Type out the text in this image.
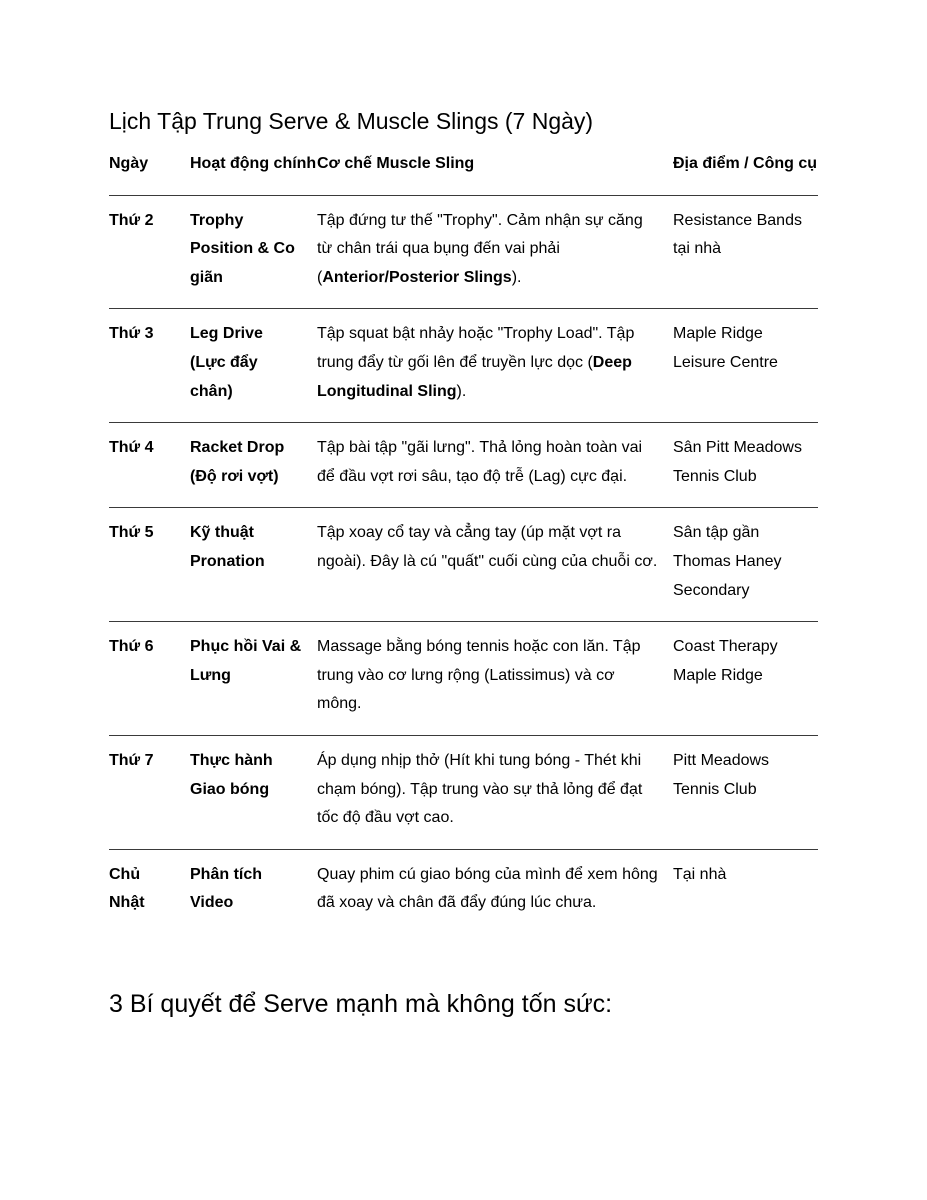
Lịch Tập Trung Serve & Muscle Slings (7 Ngày)
Ngày	Hoạt động chính	Cơ chế Muscle Sling	Địa điểm / Công cụ

Thứ 2	Trophy Position & Co giãn	Tập đứng tư thế "Trophy". Cảm nhận sự căng từ chân trái qua bụng đến vai phải (Anterior/Posterior Slings).	Resistance Bands tại nhà

Thứ 3	Leg Drive (Lực đẩy chân)	Tập squat bật nhảy hoặc "Trophy Load". Tập trung đẩy từ gối lên để truyền lực dọc (Deep Longitudinal Sling).	Maple Ridge Leisure Centre

Thứ 4	Racket Drop (Độ rơi vợt)	Tập bài tập "gãi lưng". Thả lỏng hoàn toàn vai để đầu vợt rơi sâu, tạo độ trễ (Lag) cực đại.	Sân Pitt Meadows Tennis Club

Thứ 5	Kỹ thuật Pronation	Tập xoay cổ tay và cẳng tay (úp mặt vợt ra ngoài). Đây là cú "quất" cuối cùng của chuỗi cơ.	Sân tập gần Thomas Haney Secondary

Thứ 6	Phục hồi Vai & Lưng	Massage bằng bóng tennis hoặc con lăn. Tập trung vào cơ lưng rộng (Latissimus) và cơ mông.	Coast Therapy Maple Ridge

Thứ 7	Thực hành Giao bóng	Áp dụng nhịp thở (Hít khi tung bóng - Thét khi chạm bóng). Tập trung vào sự thả lỏng để đạt tốc độ đầu vợt cao.	Pitt Meadows Tennis Club

Chủ Nhật	Phân tích Video	Quay phim cú giao bóng của mình để xem hông đã xoay và chân đã đẩy đúng lúc chưa.	Tại nhà
3 Bí quyết để Serve mạnh mà không tốn sức:
